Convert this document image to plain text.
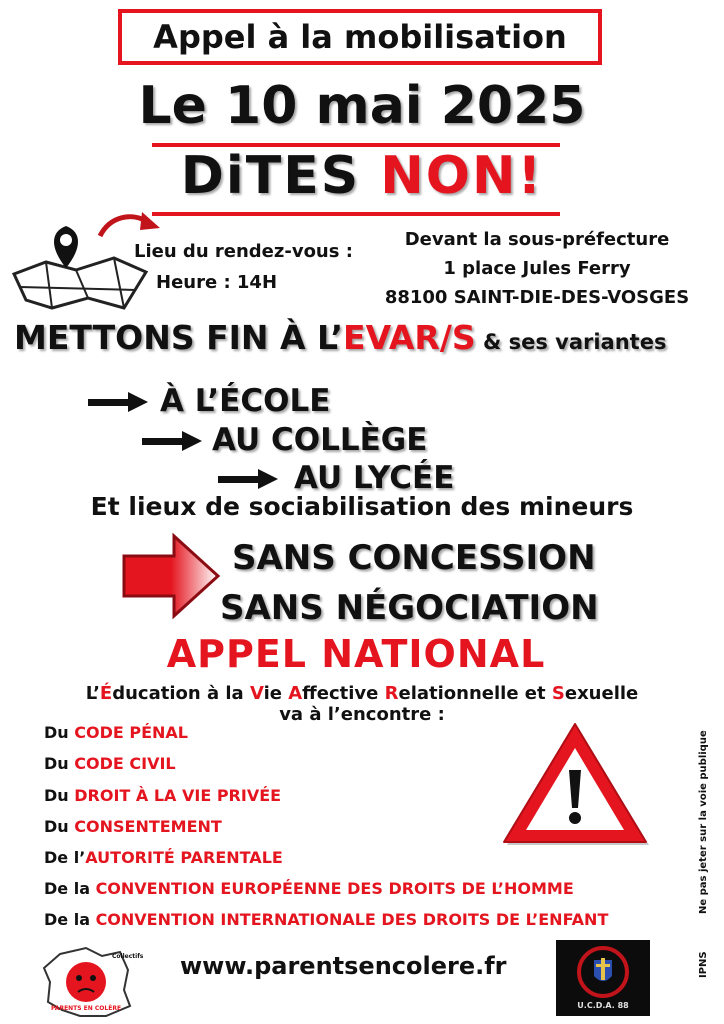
Appel à la mobilisation
Le 10 mai 2025
DiTES NON!
Lieu du rendez-vous :
Heure : 14H
Devant la sous-préfecture
1 place Jules Ferry
88100 SAINT-DIE-DES-VOSGES
METTONS FIN À L’EVAR/S & ses variantes
À L’ÉCOLE
AU COLLÈGE
AU LYCÉE
Et lieux de sociabilisation des mineurs
SANS CONCESSION
SANS NÉGOCIATION
APPEL NATIONAL
L’Éducation à la Vie Affective Relationnelle et Sexuelle
va à l’encontre :
Du CODE PÉNAL
Du CODE CIVIL
Du DROIT À LA VIE PRIVÉE
Du CONSENTEMENT
De l’AUTORITÉ PARENTALE
De la CONVENTION EUROPÉENNE DES DROITS DE L’HOMME
De la CONVENTION INTERNATIONALE DES DROITS DE L’ENFANT
Ne pas jeter sur la voie publique
IPNS
Collectifs
PARENTS EN COLÈRE
www.parentsencolere.fr
U.C.D.A. 88
